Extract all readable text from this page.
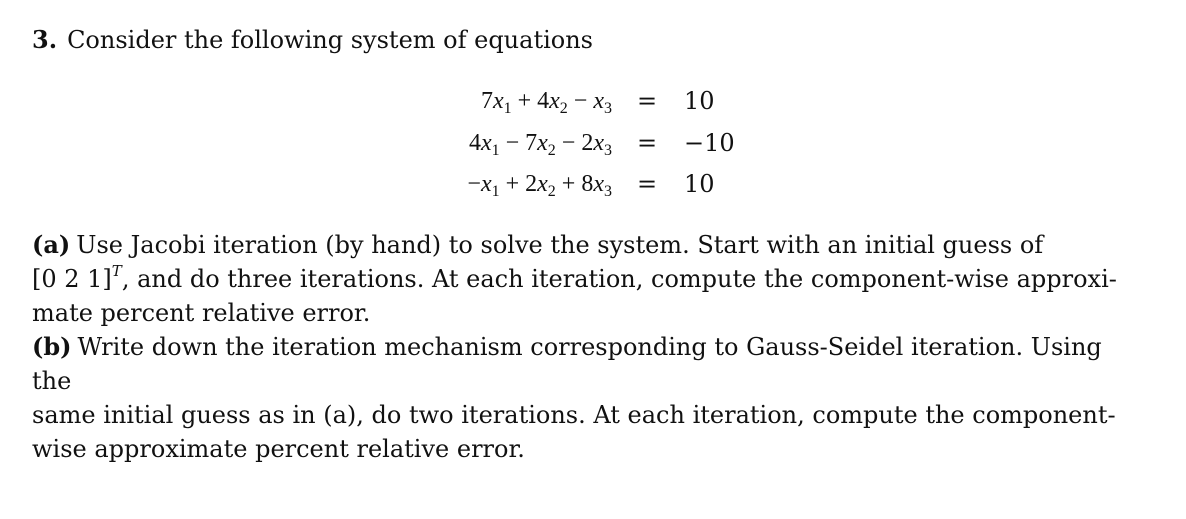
3. Consider the following system of equations
$7x_1 + 4x_2 - x_3 = 10$
$4x_1 - 7x_2 - 2x_3 = -10$
$-x_1 + 2x_2 + 8x_3 = 10$
(a) Use Jacobi iteration (by hand) to solve the system. Start with an initial guess of
[0 2 1]$^T$, and do three iterations. At each iteration, compute the component-wise approxi-
mate percent relative error.
(b) Write down the iteration mechanism corresponding to Gauss-Seidel iteration. Using the
same initial guess as in (a), do two iterations. At each iteration, compute the component-
wise approximate percent relative error.
